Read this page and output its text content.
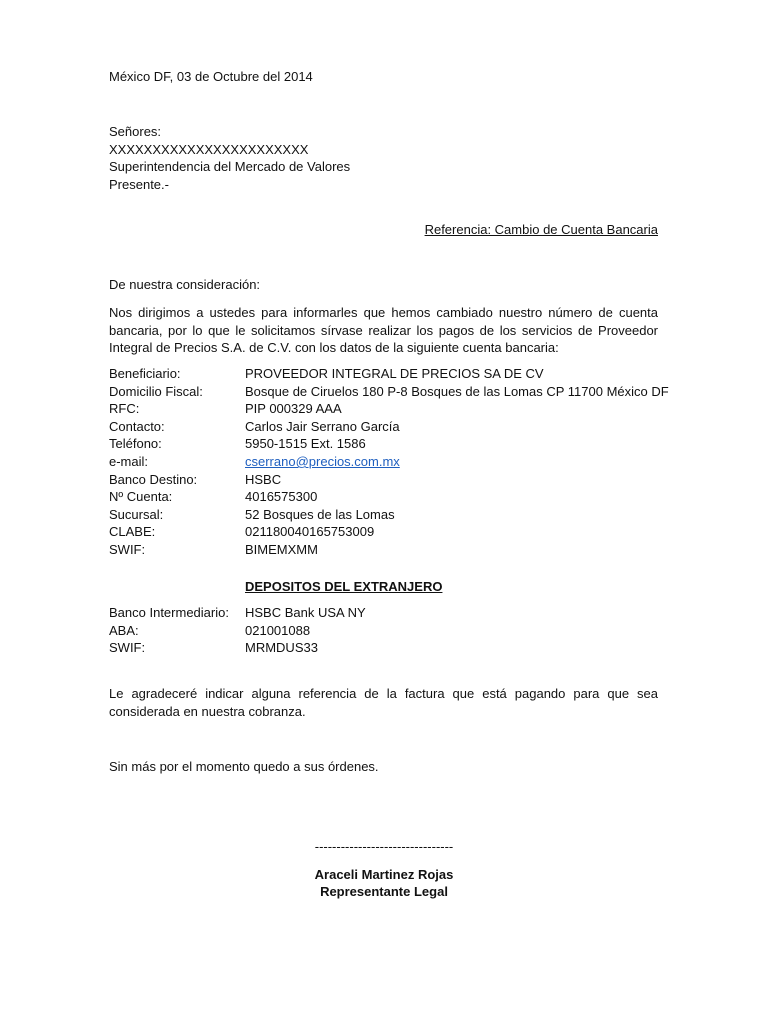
México DF, 03 de Octubre del 2014
Señores:
XXXXXXXXXXXXXXXXXXXXXXX
Superintendencia del Mercado de Valores
Presente.-
Referencia: Cambio de Cuenta Bancaria
De nuestra consideración:
Nos dirigimos a ustedes para informarles que hemos cambiado nuestro número de cuenta bancaria, por lo que le solicitamos sírvase realizar los pagos de los servicios de Proveedor Integral de Precios S.A. de C.V. con los datos de la siguiente cuenta bancaria:
Beneficiario:	PROVEEDOR INTEGRAL DE PRECIOS SA DE CV
Domicilio Fiscal:	Bosque de Ciruelos 180 P-8 Bosques de las Lomas CP 11700 México DF
RFC:	PIP 000329 AAA
Contacto:	Carlos Jair Serrano García
Teléfono:	5950-1515 Ext. 1586
e-mail:	cserrano@precios.com.mx
Banco Destino:	HSBC
Nº Cuenta:	4016575300
Sucursal:	52 Bosques de las Lomas
CLABE:	021180040165753009
SWIF:	BIMEMXMM
DEPOSITOS DEL EXTRANJERO
Banco Intermediario:	HSBC Bank USA NY
ABA:	021001088
SWIF:	MRMDUS33
Le agradeceré indicar alguna referencia de la factura que está pagando para que sea considerada en nuestra cobranza.
Sin más por el momento quedo a sus órdenes.
--------------------------------
Araceli Martinez Rojas
Representante Legal
